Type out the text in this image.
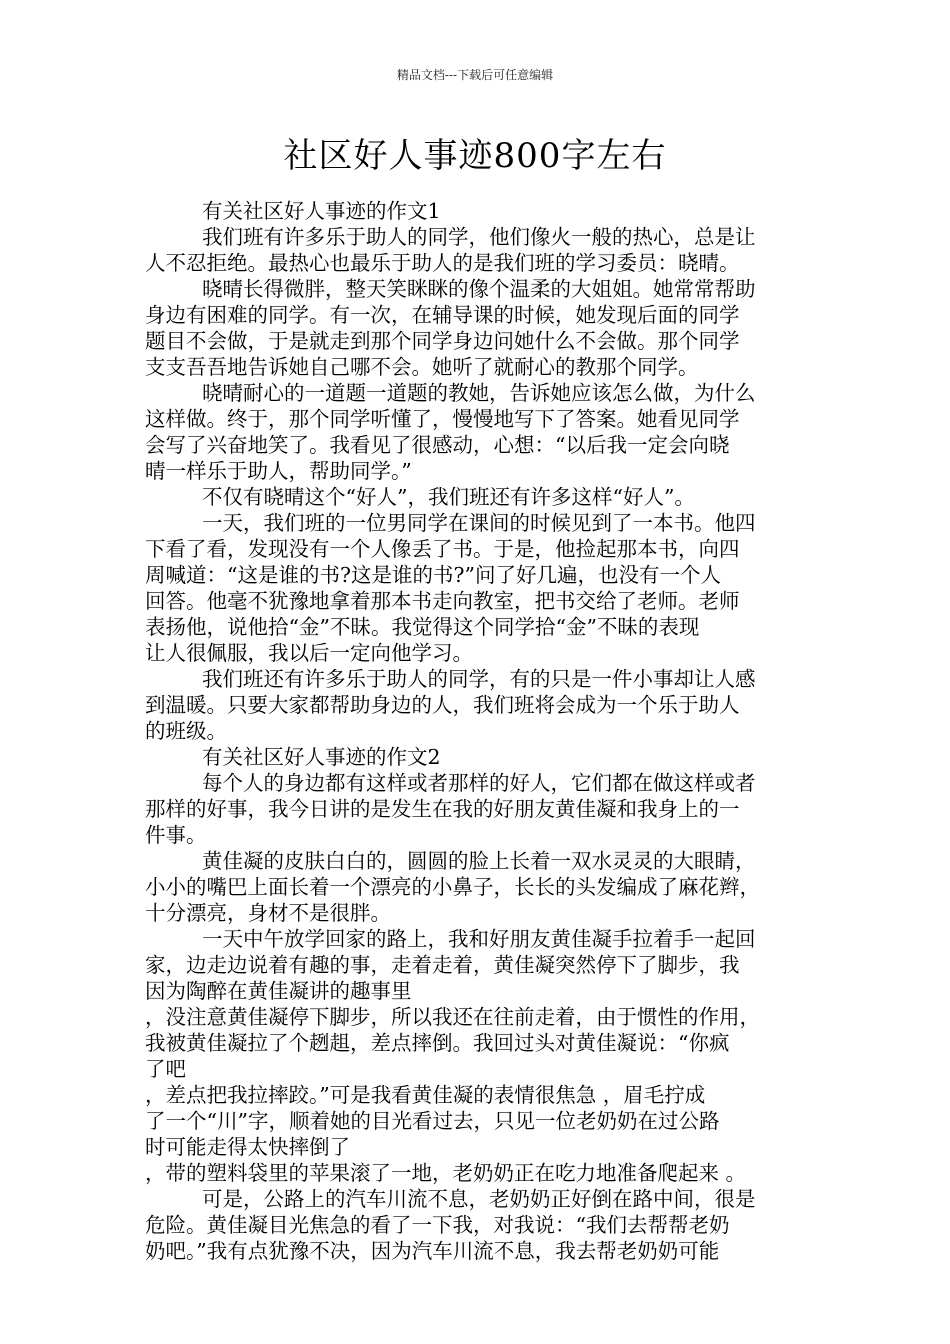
精品文档---下载后可任意编辑
社区好人事迹800字左右

有关社区好人事迹的作文1

我们班有许多乐于助人的同学，他们像火一般的热心，总是让

人不忍拒绝。最热心也最乐于助人的是我们班的学习委员：晓晴。

晓晴长得微胖，整天笑眯眯的像个温柔的大姐姐。她常常帮助

身边有困难的同学。有一次，在辅导课的时候，她发现后面的同学

题目不会做，于是就走到那个同学身边问她什么不会做。那个同学

支支吾吾地告诉她自己哪不会。她听了就耐心的教那个同学。

晓晴耐心的一道题一道题的教她，告诉她应该怎么做，为什么

这样做。终于，那个同学听懂了，慢慢地写下了答案。她看见同学

会写了兴奋地笑了。我看见了很感动，心想：“以后我一定会向晓

晴一样乐于助人，帮助同学。”

不仅有晓晴这个“好人”，我们班还有许多这样“好人”。

一天，我们班的一位男同学在课间的时候见到了一本书。他四

下看了看，发现没有一个人像丢了书。于是，他捡起那本书，向四

周喊道：“这是谁的书?这是谁的书?”问了好几遍，也没有一个人

回答。他毫不犹豫地拿着那本书走向教室，把书交给了老师。老师

表扬他，说他拾“金”不昧。我觉得这个同学拾“金”不昧的表现

让人很佩服，我以后一定向他学习。

我们班还有许多乐于助人的同学，有的只是一件小事却让人感

到温暖。只要大家都帮助身边的人，我们班将会成为一个乐于助人

的班级。

有关社区好人事迹的作文2

每个人的身边都有这样或者那样的好人，它们都在做这样或者

那样的好事，我今日讲的是发生在我的好朋友黄佳凝和我身上的一

件事。

黄佳凝的皮肤白白的，圆圆的脸上长着一双水灵灵的大眼睛，

小小的嘴巴上面长着一个漂亮的小鼻子，长长的头发编成了麻花辫，

十分漂亮，身材不是很胖。

一天中午放学回家的路上，我和好朋友黄佳凝手拉着手一起回

家，边走边说着有趣的事，走着走着，黄佳凝突然停下了脚步，我

因为陶醉在黄佳凝讲的趣事里

，没注意黄佳凝停下脚步，所以我还在往前走着，由于惯性的作用，

我被黄佳凝拉了个趔趄，差点摔倒。我回过头对黄佳凝说：“你疯

了吧

，差点把我拉摔跤。”可是我看黄佳凝的表情很焦急 ，眉毛拧成

了一个“川”字，顺着她的目光看过去，只见一位老奶奶在过公路

时可能走得太快摔倒了

，带的塑料袋里的苹果滚了一地，老奶奶正在吃力地准备爬起来 。

可是，公路上的汽车川流不息，老奶奶正好倒在路中间，很是

危险。黄佳凝目光焦急的看了一下我，对我说：“我们去帮帮老奶

奶吧。”我有点犹豫不决，因为汽车川流不息，我去帮老奶奶可能
